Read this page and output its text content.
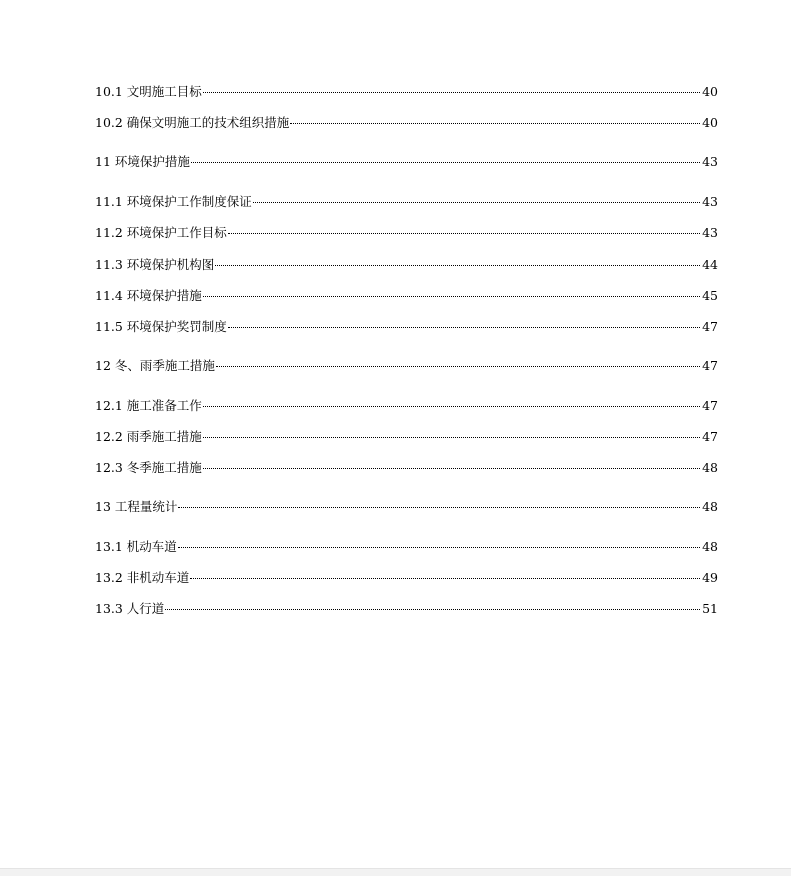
10.1 文明施工目标	40
10.2 确保文明施工的技术组织措施	40
11 环境保护措施	43
11.1 环境保护工作制度保证	43
11.2 环境保护工作目标	43
11.3 环境保护机构图	44
11.4 环境保护措施	45
11.5 环境保护奖罚制度	47
12 冬、雨季施工措施	47
12.1 施工准备工作	47
12.2 雨季施工措施	47
12.3 冬季施工措施	48
13 工程量统计	48
13.1 机动车道	48
13.2 非机动车道	49
13.3 人行道	51
